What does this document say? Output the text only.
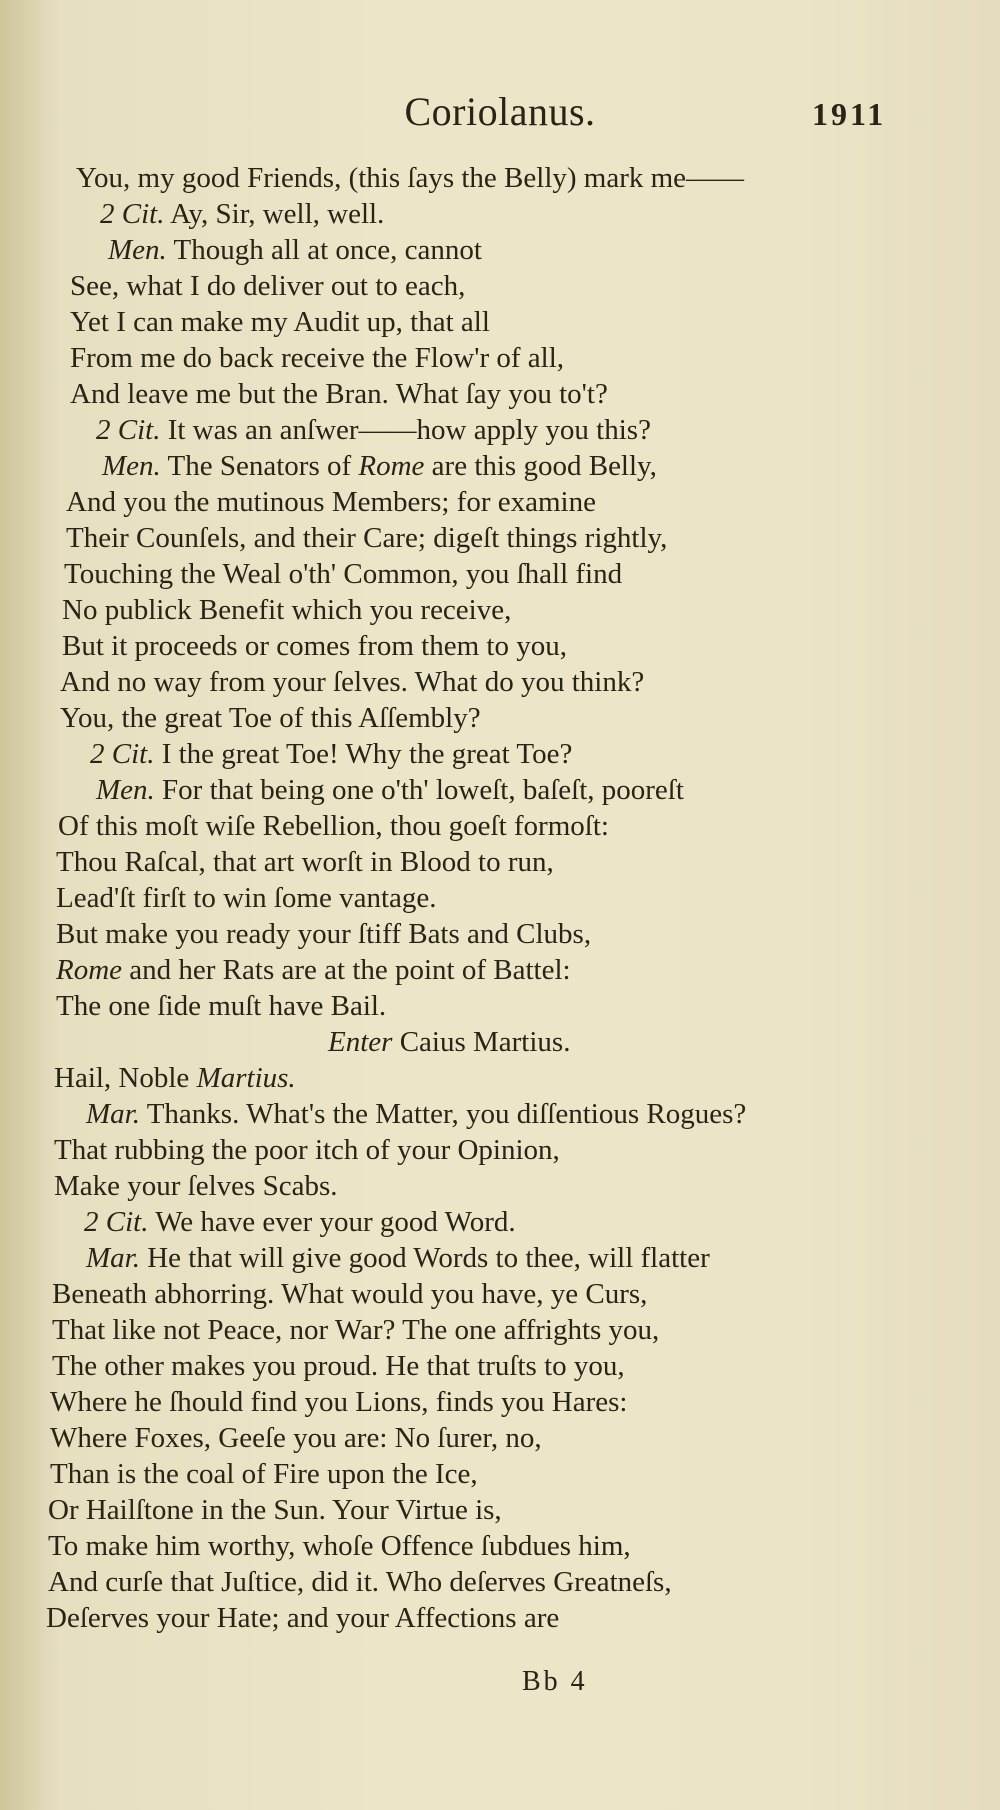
Coriolanus.	1911
You, my good Friends, (this ſays the Belly) mark me——
2 Cit. Ay, Sir, well, well.
Men. Though all at once, cannot
See, what I do deliver out to each,
Yet I can make my Audit up, that all
From me do back receive the Flow'r of all,
And leave me but the Bran. What ſay you to't?
2 Cit. It was an anſwer——how apply you this?
Men. The Senators of Rome are this good Belly,
And you the mutinous Members; for examine
Their Counſels, and their Care; digeſt things rightly,
Touching the Weal o'th' Common, you ſhall find
No publick Benefit which you receive,
But it proceeds or comes from them to you,
And no way from your ſelves. What do you think?
You, the great Toe of this Aſſembly?
2 Cit. I the great Toe! Why the great Toe?
Men. For that being one o'th' loweſt, baſeſt, pooreſt
Of this moſt wiſe Rebellion, thou goeſt formoſt:
Thou Raſcal, that art worſt in Blood to run,
Lead'ſt firſt to win ſome vantage.
But make you ready your ſtiff Bats and Clubs,
Rome and her Rats are at the point of Battel:
The one ſide muſt have Bail.
Enter Caius Martius.
Hail, Noble Martius.
Mar. Thanks. What's the Matter, you diſſentious Rogues?
That rubbing the poor itch of your Opinion,
Make your ſelves Scabs.
2 Cit. We have ever your good Word.
Mar. He that will give good Words to thee, will flatter
Beneath abhorring. What would you have, ye Curs,
That like not Peace, nor War? The one affrights you,
The other makes you proud. He that truſts to you,
Where he ſhould find you Lions, finds you Hares:
Where Foxes, Geeſe you are: No ſurer, no,
Than is the coal of Fire upon the Ice,
Or Hailſtone in the Sun. Your Virtue is,
To make him worthy, whoſe Offence ſubdues him,
And curſe that Juſtice, did it. Who deſerves Greatneſs,
Deſerves your Hate; and your Affections are
Bb 4
